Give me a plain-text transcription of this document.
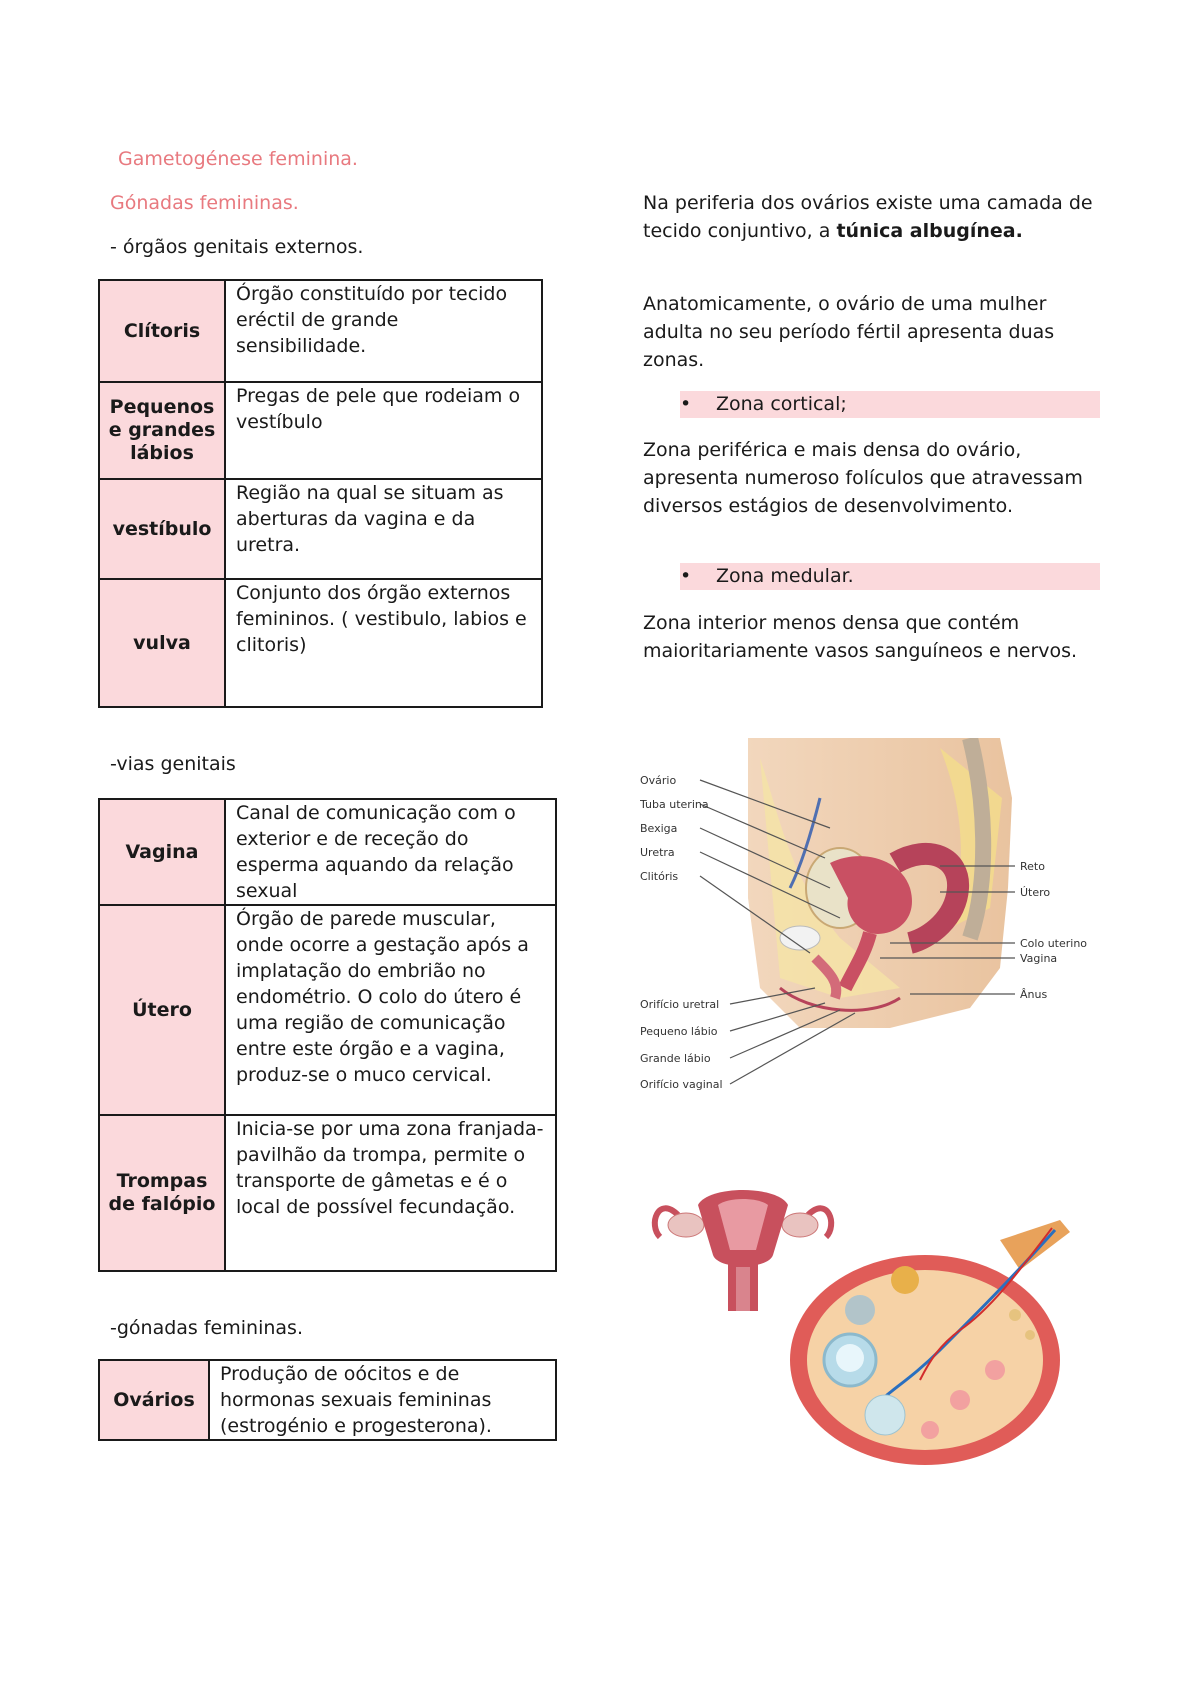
Gametogénese feminina.
Gónadas femininas.
- órgãos genitais externos.
Clítoris	Órgão constituído por tecido eréctil de grande sensibilidade.
Pequenos e grandes lábios	Pregas de pele que rodeiam o vestíbulo
vestíbulo	Região na qual se situam as aberturas da vagina e da uretra.
vulva	Conjunto dos órgão externos femininos. ( vestibulo, labios e clitoris)
-vias genitais
Vagina	Canal de comunicação com o exterior e de receção do esperma aquando da relação sexual
Útero	Órgão de parede muscular, onde ocorre a gestação após a implatação do embrião no endométrio. O colo do útero é uma região de comunicação entre este órgão e a vagina, produz-se o muco cervical.
Trompas de falópio	Inicia-se por uma zona franjada- pavilhão da trompa, permite o transporte de gâmetas e é o local de possível fecundação.
-gónadas femininas.
Ovários	Produção de oócitos e de hormonas sexuais femininas (estrogénio e progesterona).

Na periferia dos ovários existe uma camada de tecido conjuntivo, a túnica albugínea.

Anatomicamente, o ovário de uma mulher adulta no seu período fértil apresenta duas zonas.
•	Zona cortical;
Zona periférica e mais densa do ovário, apresenta numeroso folículos que atravessam diversos estágios de desenvolvimento.
•	Zona medular.
Zona interior menos densa que contém maioritariamente vasos sanguíneos e nervos.
Ovário
Tuba uterina
Bexiga
Uretra
Clitóris
Orifício uretral
Pequeno lábio
Grande lábio
Orifício vaginal
Reto
Útero
Colo uterino
Vagina
Ânus
